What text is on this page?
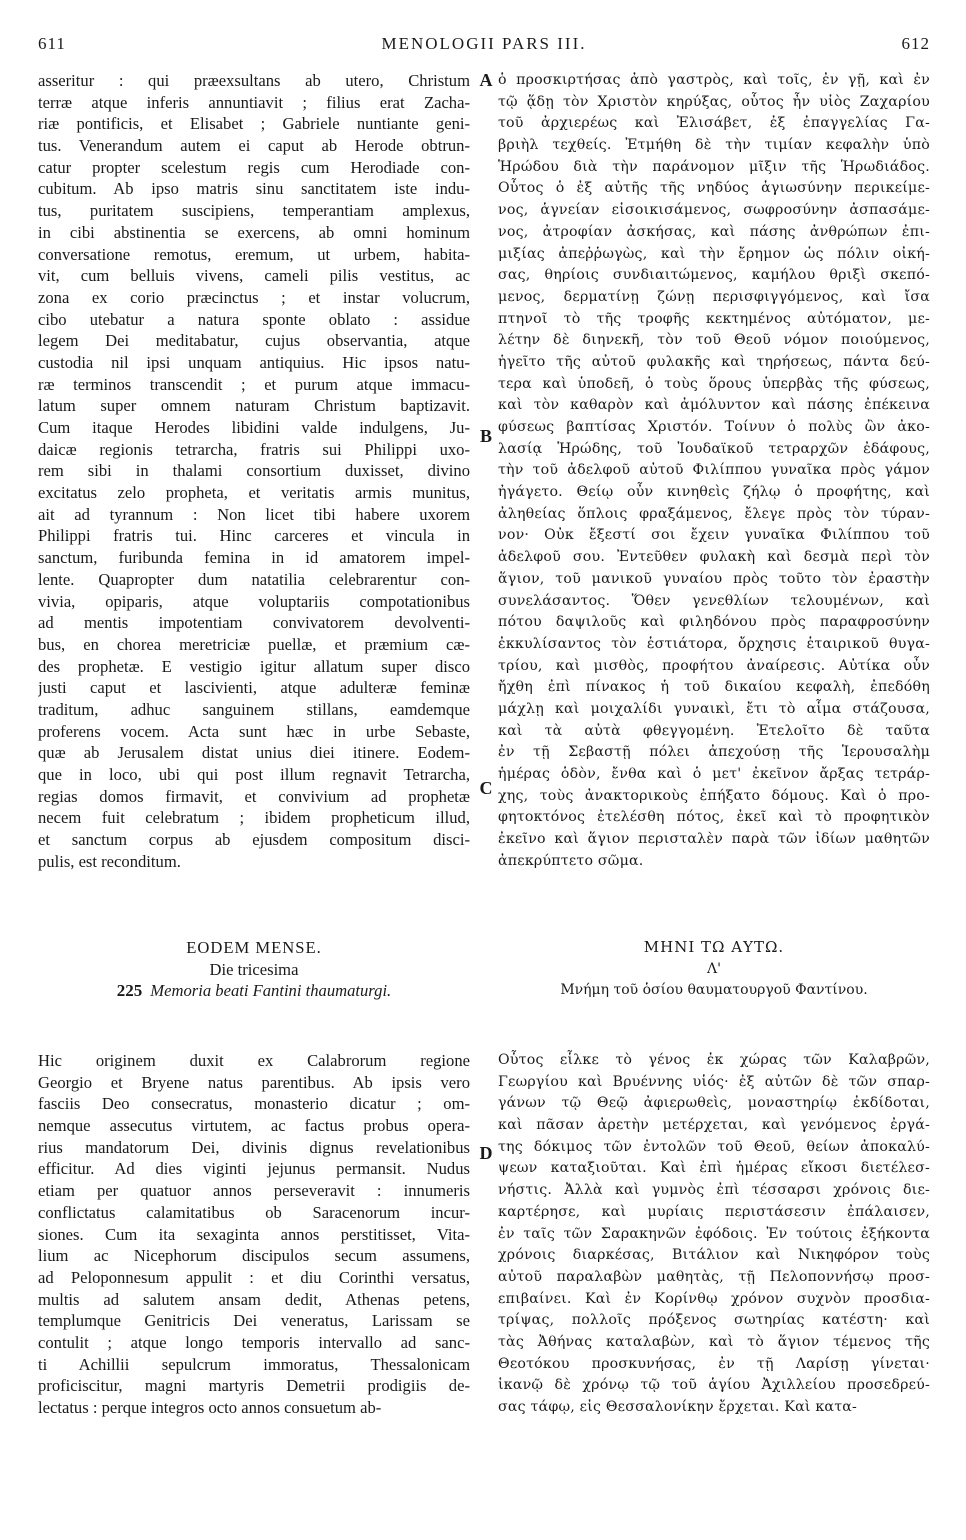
611	MENOLOGII PARS III.	612
asseritur : qui præexsultans ab utero, Christum
terræ atque inferis annuntiavit ; filius erat Zacha-
riæ pontificis, et Elisabet ; Gabriele nuntiante geni-
tus. Venerandum autem ei caput ab Herode obtrun-
catur propter scelestum regis cum Herodiade con-
cubitum. Ab ipso matris sinu sanctitatem iste indu-
tus, puritatem suscipiens, temperantiam amplexus,
in cibi abstinentia se exercens, ab omni hominum
conversatione remotus, eremum, ut urbem, habita-
vit, cum belluis vivens, cameli pilis vestitus, ac
zona ex corio præcinctus ; et instar volucrum,
cibo utebatur a natura sponte oblato : assidue
legem Dei meditabatur, cujus observantia, atque
custodia nil ipsi unquam antiquius. Hic ipsos natu-
ræ terminos transcendit ; et purum atque immacu-
latum super omnem naturam Christum baptizavit.
Cum itaque Herodes libidini valde indulgens, Ju-
daicæ regionis tetrarcha, fratris sui Philippi uxo-
rem sibi in thalami consortium duxisset, divino
excitatus zelo propheta, et veritatis armis munitus,
ait ad tyrannum : Non licet tibi habere uxorem
Philippi fratris tui. Hinc carceres et vincula in
sanctum, furibunda femina in id amatorem impel-
lente. Quapropter dum natatilia celebrarentur con-
vivia, opiparis, atque voluptariis compotationibus
ad mentis impotentiam convivatorem devolventi-
bus, en chorea meretriciæ puellæ, et præmium cæ-
des prophetæ. E vestigio igitur allatum super disco
justi caput et lascivienti, atque adulteræ feminæ
traditum, adhuc sanguinem stillans, eamdemque
proferens vocem. Acta sunt hæc in urbe Sebaste,
quæ ab Jerusalem distat unius diei itinere. Eodem-
que in loco, ubi qui post illum regnavit Tetrarcha,
regias domos firmavit, et convivium ad prophetæ
necem fuit celebratum ; ibidem propheticum illud,
et sanctum corpus ab ejusdem compositum disci-
pulis, est reconditum.
ὁ προσκιρτήσας ἀπὸ γαστρὸς, καὶ τοῖς, ἐν γῇ, καὶ ἐν
τῷ ᾅδῃ τὸν Χριστὸν κηρύξας, οὗτος ἦν υἱὸς Ζαχαρίου
τοῦ ἀρχιερέως καὶ Ἐλισάβετ, ἐξ ἐπαγγελίας Γα-
βριὴλ τεχθείς. Ἐτμήθη δὲ τὴν τιμίαν κεφαλὴν ὑπὸ
Ἡρώδου διὰ τὴν παράνομον μῖξιν τῆς Ἡρωδιάδος.
Οὗτος ὁ ἐξ αὐτῆς τῆς νηδύος ἁγιωσύνην περικείμε-
νος, ἁγνείαν εἰσοικισάμενος, σωφροσύνην ἀσπασάμε-
νος, ἀτροφίαν ἀσκήσας, καὶ πάσης ἀνθρώπων ἐπι-
μιξίας ἀπεῤῥωγὼς, καὶ τὴν ἔρημον ὡς πόλιν οἰκή-
σας, θηρίοις συνδιαιτώμενος, καμήλου θριξὶ σκεπό-
μενος, δερματίνῃ ζώνῃ περισφιγγόμενος, καὶ ἴσα
πτηνοῖ τὸ τῆς τροφῆς κεκτημένος αὐτόματον, με-
λέτην δὲ διηνεκῆ, τὸν τοῦ Θεοῦ νόμον ποιούμενος,
ἡγεῖτο τῆς αὐτοῦ φυλακῆς καὶ τηρήσεως, πάντα δεύ-
τερα καὶ ὑποδεῆ, ὁ τοὺς ὅρους ὑπερβὰς τῆς φύσεως,
καὶ τὸν καθαρὸν καὶ ἀμόλυντον καὶ πάσης ἐπέκεινα
φύσεως βαπτίσας Χριστόν. Τοίνυν ὁ πολὺς ὢν ἀκο-
λασίᾳ Ἡρώδης, τοῦ Ἰουδαϊκοῦ τετραρχῶν ἐδάφους,
τὴν τοῦ ἀδελφοῦ αὐτοῦ Φιλίππου γυναῖκα πρὸς γάμον
ἠγάγετο. Θείῳ οὖν κινηθεὶς ζήλῳ ὁ προφήτης, καὶ
ἀληθείας ὅπλοις φραξάμενος, ἔλεγε πρὸς τὸν τύραν-
νον· Οὐκ ἔξεστί σοι ἔχειν γυναῖκα Φιλίππου τοῦ
ἀδελφοῦ σου. Ἐντεῦθεν φυλακὴ καὶ δεσμὰ περὶ τὸν
ἅγιον, τοῦ μανικοῦ γυναίου πρὸς τοῦτο τὸν ἐραστὴν
συνελάσαντος. Ὅθεν γενεθλίων τελουμένων, καὶ
πότου δαψιλοῦς καὶ φιληδόνου πρὸς παραφροσύνην
ἐκκυλίσαντος τὸν ἑστιάτορα, ὄρχησις ἑταιρικοῦ θυγα-
τρίου, καὶ μισθὸς, προφήτου ἀναίρεσις. Αὐτίκα οὖν
ἤχθη ἐπὶ πίνακος ἡ τοῦ δικαίου κεφαλὴ, ἐπεδόθη
μάχλῃ καὶ μοιχαλίδι γυναικὶ, ἔτι τὸ αἷμα στάζουσα,
καὶ τὰ αὐτὰ φθεγγομένη. Ἐτελοῖτο δὲ ταῦτα
ἐν τῇ Σεβαστῇ πόλει ἀπεχούσῃ τῆς Ἱερουσαλὴμ
ἡμέρας ὁδὸν, ἔνθα καὶ ὁ μετ' ἐκεῖνον ἄρξας τετράρ-
χης, τοὺς ἀνακτορικοὺς ἐπήξατο δόμους. Καὶ ὁ προ-
φητοκτόνος ἐτελέσθη πότος, ἐκεῖ καὶ τὸ προφητικὸν
ἐκεῖνο καὶ ἅγιον περισταλὲν παρὰ τῶν ἰδίων μαθητῶν
ἀπεκρύπτετο σῶμα.
A
B
C
D
EODEM MENSE.
Die tricesima
225 Memoria beati Fantini thaumaturgi.
ΜΗΝΙ ΤΩ ΑΥΤΩ.
Λ'
Μνήμη τοῦ ὁσίου θαυματουργοῦ Φαντίνου.
Hic originem duxit ex Calabrorum regione
Georgio et Bryene natus parentibus. Ab ipsis vero
fasciis Deo consecratus, monasterio dicatur ; om-
nemque assecutus virtutem, ac factus probus opera-
rius mandatorum Dei, divinis dignus revelationibus
efficitur. Ad dies viginti jejunus permansit. Nudus
etiam per quatuor annos perseveravit : innumeris
conflictatus calamitatibus ob Saracenorum incur-
siones. Cum ita sexaginta annos perstitisset, Vita-
lium ac Nicephorum discipulos secum assumens,
ad Peloponnesum appulit : et diu Corinthi versatus,
multis ad salutem ansam dedit, Athenas petens,
templumque Genitricis Dei veneratus, Larissam se
contulit ; atque longo temporis intervallo ad sanc-
ti Achillii sepulcrum immoratus, Thessalonicam
proficiscitur, magni martyris Demetrii prodigiis de-
lectatus : perque integros octo annos consuetum ab-
Οὗτος εἷλκε τὸ γένος ἐκ χώρας τῶν Καλαβρῶν,
Γεωργίου καὶ Βρυέννης υἱός· ἐξ αὐτῶν δὲ τῶν σπαρ-
γάνων τῷ Θεῷ ἀφιερωθεὶς, μοναστηρίῳ ἐκδίδοται,
καὶ πᾶσαν ἀρετὴν μετέρχεται, καὶ γενόμενος ἐργά-
της δόκιμος τῶν ἐντολῶν τοῦ Θεοῦ, θείων ἀποκαλύ-
ψεων καταξιοῦται. Καὶ ἐπὶ ἡμέρας εἴκοσι διετέλεσ-
νήστις. Ἀλλὰ καὶ γυμνὸς ἐπὶ τέσσαρσι χρόνοις διε-
καρτέρησε, καὶ μυρίαις περιστάσεσιν ἐπάλαισεν,
ἐν ταῖς τῶν Σαρακηνῶν ἐφόδοις. Ἐν τούτοις ἐξήκοντα
χρόνοις διαρκέσας, Βιτάλιον καὶ Νικηφόρον τοὺς
αὐτοῦ παραλαβὼν μαθητὰς, τῇ Πελοποννήσῳ προσ-
επιβαίνει. Καὶ ἐν Κορίνθῳ χρόνον συχνὸν προσδια-
τρίψας, πολλοῖς πρόξενος σωτηρίας κατέστη· καὶ
τὰς Ἀθήνας καταλαβὼν, καὶ τὸ ἅγιον τέμενος τῆς
Θεοτόκου προσκυνήσας, ἐν τῇ Λαρίσῃ γίνεται·
ἱκανῷ δὲ χρόνῳ τῷ τοῦ ἁγίου Ἀχιλλείου προσεδρεύ-
σας τάφῳ, εἰς Θεσσαλονίκην ἔρχεται. Καὶ κατα-
